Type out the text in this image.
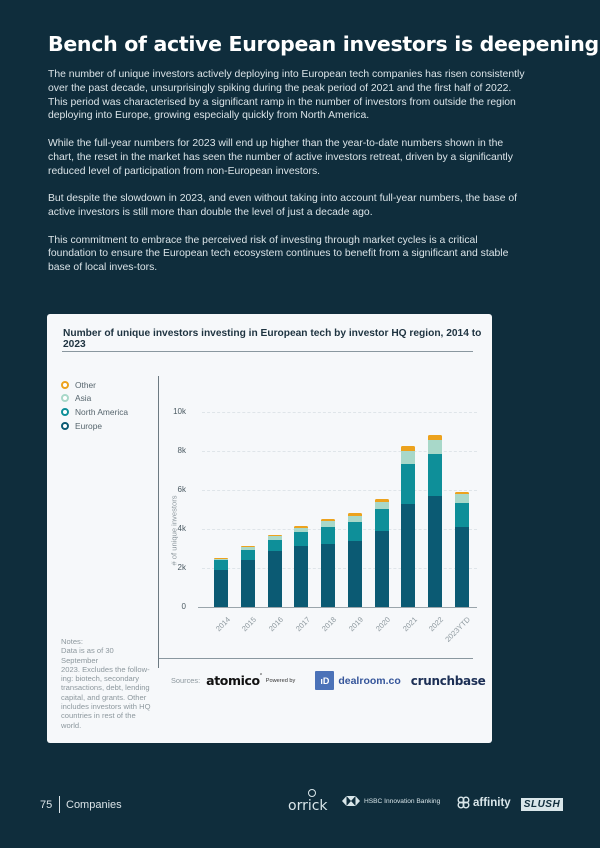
Bench of active European investors is deepening

The number of unique investors actively deploying into European tech companies has risen consistently over the past decade, unsurprisingly spiking during the peak period of 2021 and the first half of 2022. This period was characterised by a significant ramp in the number of investors from outside the region deploying into Europe, growing especially quickly from North America.

While the full-year numbers for 2023 will end up higher than the year-to-date numbers shown in the chart, the reset in the market has seen the number of active investors retreat, driven by a significantly reduced level of participation from non-European investors.

But despite the slowdown in 2023, and even without taking into account full-year numbers, the base of active investors is still more than double the level of just a decade ago.

This commitment to embrace the perceived risk of investing through market cycles is a critical foundation to ensure the European tech ecosystem continues to benefit from a significant and stable base of local inves-tors.

Number of unique investors investing in European tech by investor HQ region, 2014 to 2023
Other
Asia
North America
Europe
# of unique investors
0
2k
4k
6k
8k
10k
2014 2015 2016 2017 2018 2019 2020 2021 2022
2023YTD
Notes:
Data is as of 30 September
2023. Excludes the follow-
ing: biotech, secondary
transactions, debt, lending
capital, and grants. Other
includes investors with HQ
countries in rest of the
world.
Sources: atomico°
Powered by	ıD dealroom.co crunchbase
75 Companies	orrick	HSBC Innovation Banking	affinity SLUSH
